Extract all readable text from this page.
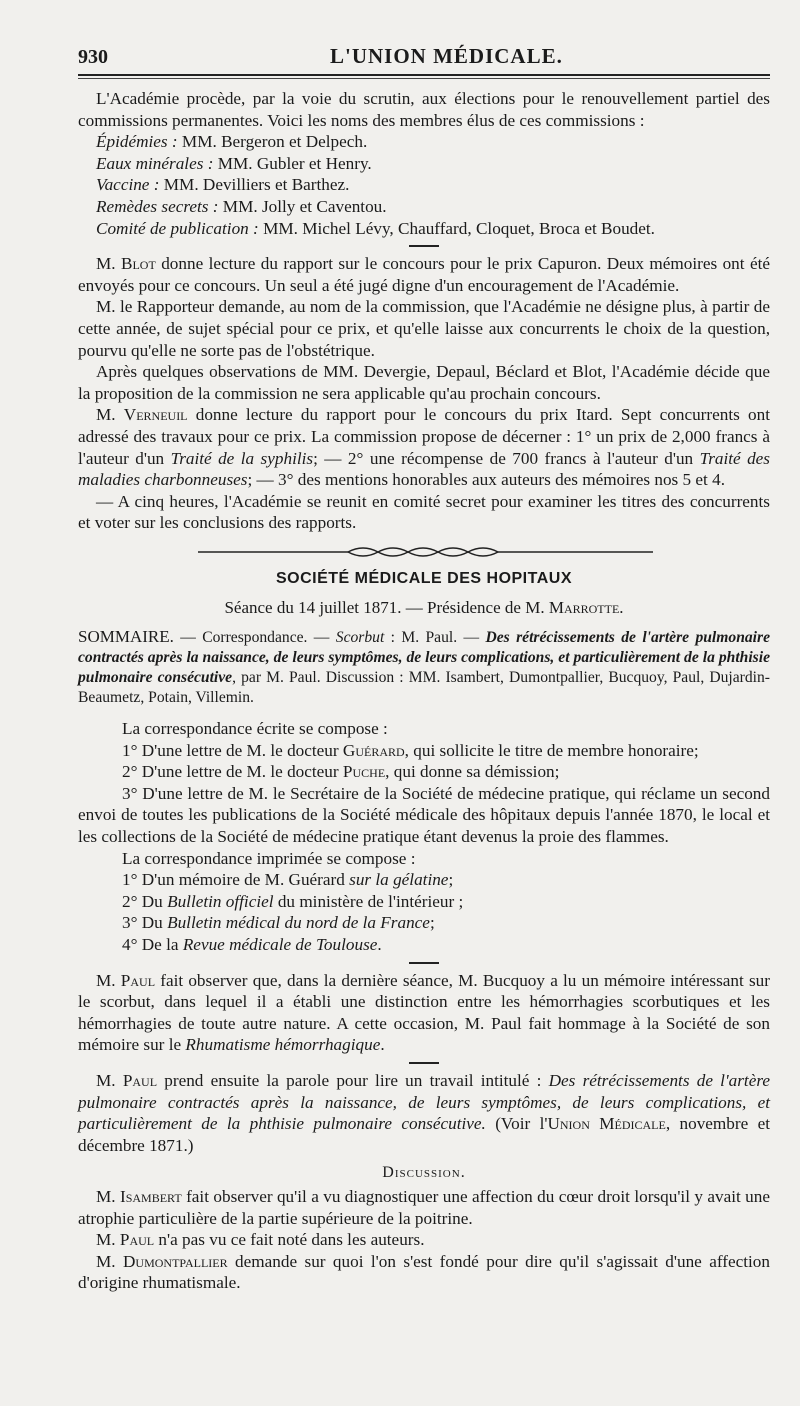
930	L'UNION MÉDICALE.

L'Académie procède, par la voie du scrutin, aux élections pour le renouvellement partiel des commissions permanentes. Voici les noms des membres élus de ces commissions :

Épidémies : MM. Bergeron et Delpech.

Eaux minérales : MM. Gubler et Henry.

Vaccine : MM. Devilliers et Barthez.

Remèdes secrets : MM. Jolly et Caventou.

Comité de publication : MM. Michel Lévy, Chauffard, Cloquet, Broca et Boudet.

M. Blot donne lecture du rapport sur le concours pour le prix Capuron. Deux mémoires ont été envoyés pour ce concours. Un seul a été jugé digne d'un encouragement de l'Académie.

M. le Rapporteur demande, au nom de la commission, que l'Académie ne désigne plus, à partir de cette année, de sujet spécial pour ce prix, et qu'elle laisse aux concurrents le choix de la question, pourvu qu'elle ne sorte pas de l'obstétrique.

Après quelques observations de MM. Devergie, Depaul, Béclard et Blot, l'Académie décide que la proposition de la commission ne sera applicable qu'au prochain concours.

M. Verneuil donne lecture du rapport pour le concours du prix Itard. Sept concurrents ont adressé des travaux pour ce prix. La commission propose de décerner : 1° un prix de 2,000 francs à l'auteur d'un Traité de la syphilis; — 2° une récompense de 700 francs à l'auteur d'un Traité des maladies charbonneuses; — 3° des mentions honorables aux auteurs des mémoires nos 5 et 4.

— A cinq heures, l'Académie se reunit en comité secret pour examiner les titres des concurrents et voter sur les conclusions des rapports.

SOCIÉTÉ MÉDICALE DES HOPITAUX
Séance du 14 juillet 1871. — Présidence de M. Marrotte.

SOMMAIRE. — Correspondance. — Scorbut : M. Paul. — Des rétrécissements de l'artère pulmonaire contractés après la naissance, de leurs symptômes, de leurs complications, et particulièrement de la phthisie pulmonaire consécutive, par M. Paul. Discussion : MM. Isambert, Dumontpallier, Bucquoy, Paul, Dujardin-Beaumetz, Potain, Villemin.

La correspondance écrite se compose :

1° D'une lettre de M. le docteur Guérard, qui sollicite le titre de membre honoraire;

2° D'une lettre de M. le docteur Puche, qui donne sa démission;

3° D'une lettre de M. le Secrétaire de la Société de médecine pratique, qui réclame un second envoi de toutes les publications de la Société médicale des hôpitaux depuis l'année 1870, le local et les collections de la Société de médecine pratique étant devenus la proie des flammes.

La correspondance imprimée se compose :

1° D'un mémoire de M. Guérard sur la gélatine;

2° Du Bulletin officiel du ministère de l'intérieur ;

3° Du Bulletin médical du nord de la France;

4° De la Revue médicale de Toulouse.

M. Paul fait observer que, dans la dernière séance, M. Bucquoy a lu un mémoire intéressant sur le scorbut, dans lequel il a établi une distinction entre les hémorrhagies scorbutiques et les hémorrhagies de toute autre nature. A cette occasion, M. Paul fait hommage à la Société de son mémoire sur le Rhumatisme hémorrhagique.

M. Paul prend ensuite la parole pour lire un travail intitulé : Des rétrécissements de l'artère pulmonaire contractés après la naissance, de leurs symptômes, de leurs complications, et particulièrement de la phthisie pulmonaire consécutive. (Voir l'Union Médicale, novembre et décembre 1871.)

Discussion.

M. Isambert fait observer qu'il a vu diagnostiquer une affection du cœur droit lorsqu'il y avait une atrophie particulière de la partie supérieure de la poitrine.

M. Paul n'a pas vu ce fait noté dans les auteurs.

M. Dumontpallier demande sur quoi l'on s'est fondé pour dire qu'il s'agissait d'une affection d'origine rhumatismale.
